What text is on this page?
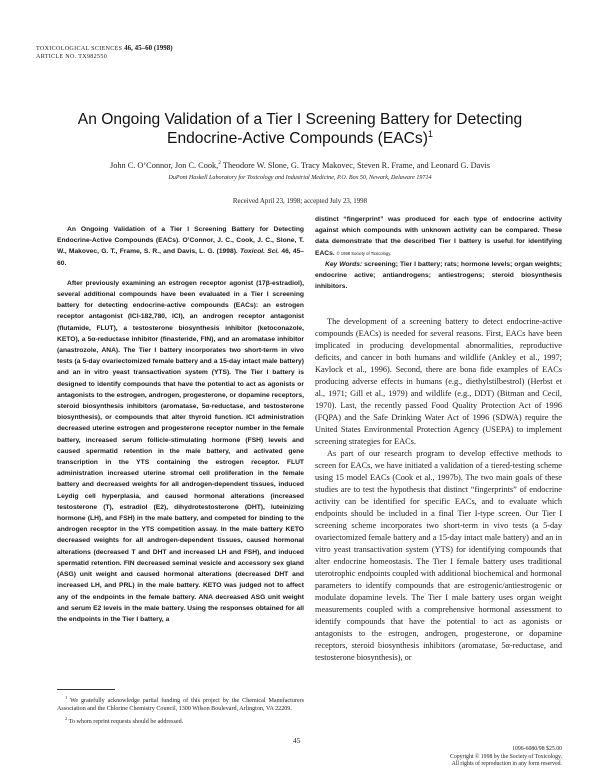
TOXICOLOGICAL SCIENCES 46, 45–60 (1998)
ARTICLE NO. TX982550
An Ongoing Validation of a Tier I Screening Battery for Detecting
Endocrine-Active Compounds (EACs)$^1$

John C. O’Connor, Jon C. Cook,$^2$ Theodore W. Slone, G. Tracy Makovec, Steven R. Frame, and Leonard G. Davis

DuPont Haskell Laboratory for Toxicology and Industrial Medicine, P.O. Box 50, Newark, Delaware 19714

Received April 23, 1998; accepted July 23, 1998

An Ongoing Validation of a Tier I Screening Battery for Detecting Endocrine-Active Compounds (EACs). O’Connor, J. C., Cook, J. C., Slone, T. W., Makovec, G. T., Frame, S. R., and Davis, L. G. (1998). Toxicol. Sci. 46, 45–60.

After previously examining an estrogen receptor agonist (17β-estradiol), several additional compounds have been evaluated in a Tier I screening battery for detecting endocrine-active compounds (EACs): an estrogen receptor antagonist (ICI-182,780, ICI), an androgen receptor antagonist (flutamide, FLUT), a testosterone biosynthesis inhibitor (ketoconazole, KETO), a 5α-reductase inhibitor (finasteride, FIN), and an aromatase inhibitor (anastrozole, ANA). The Tier I battery incorporates two short-term in vivo tests (a 5-day ovariectomized female battery and a 15-day intact male battery) and an in vitro yeast transactivation system (YTS). The Tier I battery is designed to identify compounds that have the potential to act as agonists or antagonists to the estrogen, androgen, progesterone, or dopamine receptors, steroid biosynthesis inhibitors (aromatase, 5α-reductase, and testosterone biosynthesis), or compounds that alter thyroid function. ICI administration decreased uterine estrogen and progesterone receptor number in the female battery, increased serum follicle-stimulating hormone (FSH) levels and caused spermatid retention in the male battery, and activated gene transcription in the YTS containing the estrogen receptor. FLUT administration increased uterine stromal cell proliferation in the female battery and decreased weights for all androgen-dependent tissues, induced Leydig cell hyperplasia, and caused hormonal alterations (increased testosterone (T), estradiol (E2), dihydrotestosterone (DHT), luteinizing hormone (LH), and FSH) in the male battery, and competed for binding to the androgen receptor in the YTS competition assay. In the male battery KETO decreased weights for all androgen-dependent tissues, caused hormonal alterations (decreased T and DHT and increased LH and FSH), and induced spermatid retention. FIN decreased seminal vesicle and accessory sex gland (ASG) unit weight and caused hormonal alterations (decreased DHT and increased LH, and PRL) in the male battery. KETO was judged not to affect any of the endpoints in the female battery. ANA decreased ASG unit weight and serum E2 levels in the male battery. Using the responses obtained for all the endpoints in the Tier I battery, a

distinct “fingerprint” was produced for each type of endocrine activity against which compounds with unknown activity can be compared. These data demonstrate that the described Tier I battery is useful for identifying EACs. © 1998 Society of Toxicology.

Key Words: screening; Tier I battery; rats; hormone levels; organ weights; endocrine active; antiandrogens; antiestrogens; steroid biosynthesis inhibitors.

The development of a screening battery to detect endocrine-active compounds (EACs) is needed for several reasons. First, EACs have been implicated in producing developmental abnormalities, reproductive deficits, and cancer in both humans and wildlife (Ankley et al., 1997; Kavlock et al., 1996). Second, there are bona fide examples of EACs producing adverse effects in humans (e.g., diethylstilbestrol) (Herbst et al., 1971; Gill et al., 1979) and wildlife (e.g., DDT) (Bitman and Cecil, 1970). Last, the recently passed Food Quality Protection Act of 1996 (FQPA) and the Safe Drinking Water Act of 1996 (SDWA) require the United States Environmental Protection Agency (USEPA) to implement screening strategies for EACs.

As part of our research program to develop effective methods to screen for EACs, we have initiated a validation of a tiered-testing scheme using 15 model EACs (Cook et al., 1997b). The two main goals of these studies are to test the hypothesis that distinct “fingerprints” of endocrine activity can be identified for specific EACs, and to evaluate which endpoints should be included in a final Tier I-type screen. Our Tier I screening scheme incorporates two short-term in vivo tests (a 5-day ovariectomized female battery and a 15-day intact male battery) and an in vitro yeast transactivation system (YTS) for identifying compounds that alter endocrine homeostasis. The Tier I female battery uses traditional uterotrophic endpoints coupled with additional biochemical and hormonal parameters to identify compounds that are estrogenic/antiestrogenic or modulate dopamine levels. The Tier I male battery uses organ weight measurements coupled with a comprehensive hormonal assessment to identify compounds that have the potential to act as agonists or antagonists to the estrogen, androgen, progesterone, or dopamine receptors, steroid biosynthesis inhibitors (aromatase, 5α-reductase, and testosterone biosynthesis), or

$^1$ We gratefully acknowledge partial funding of this project by the Chemical Manufacturers Association and the Chlorine Chemistry Council, 1300 Wilson Boulevard, Arlington, VA 22209.

$^2$ To whom reprint requests should be addressed.

45

1096-6080/98 $25.00
Copyright © 1998 by the Society of Toxicology.
All rights of reproduction in any form reserved.
